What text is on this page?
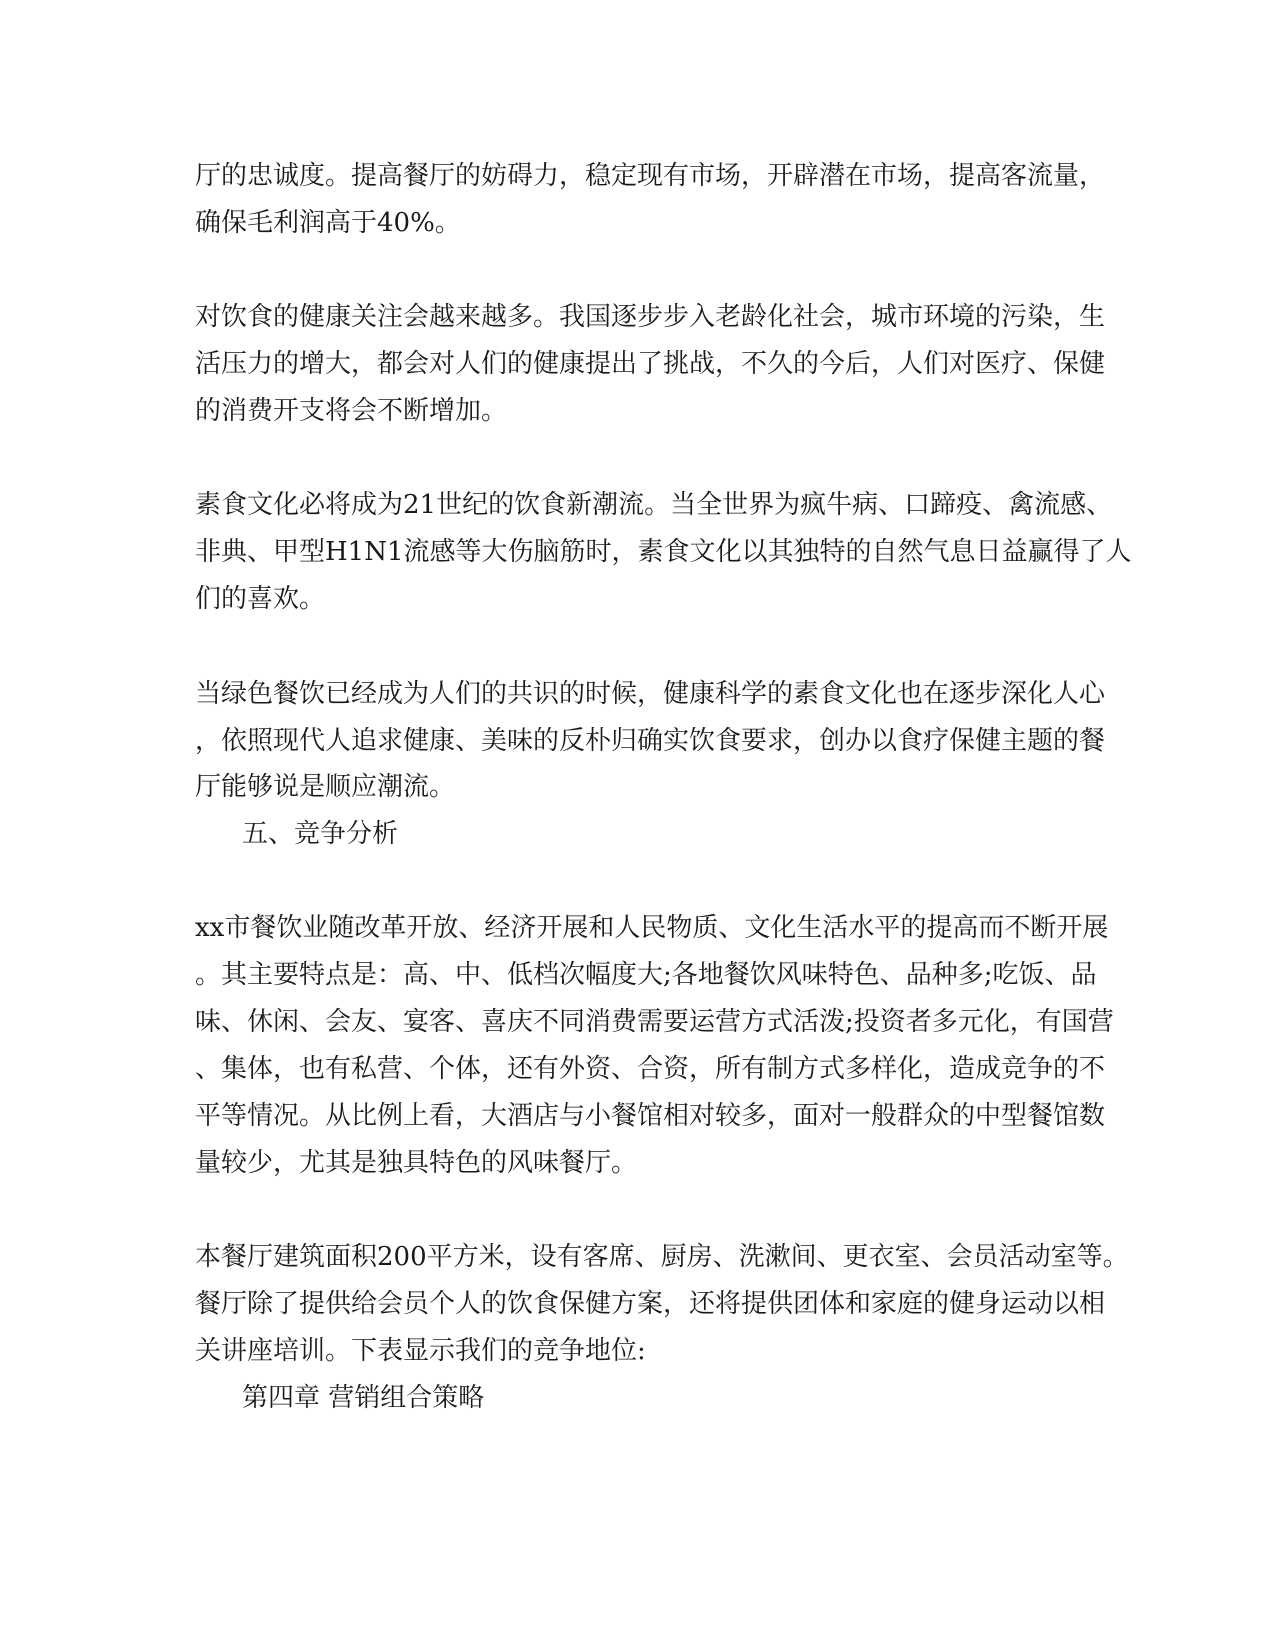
厅的忠诚度。提高餐厅的妨碍力，稳定现有市场，开辟潜在市场，提高客流量，
确保毛利润高于40%。
对饮食的健康关注会越来越多。我国逐步步入老龄化社会，城市环境的污染，生
活压力的增大，都会对人们的健康提出了挑战，不久的今后，人们对医疗、保健
的消费开支将会不断增加。
素食文化必将成为21世纪的饮食新潮流。当全世界为疯牛病、口蹄疫、禽流感、
非典、甲型H1N1流感等大伤脑筋时，素食文化以其独特的自然气息日益赢得了人
们的喜欢。
当绿色餐饮已经成为人们的共识的时候，健康科学的素食文化也在逐步深化人心
，依照现代人追求健康、美味的反朴归确实饮食要求，创办以食疗保健主题的餐
厅能够说是顺应潮流。
五、竞争分析
xx市餐饮业随改革开放、经济开展和人民物质、文化生活水平的提高而不断开展
。其主要特点是：高、中、低档次幅度大;各地餐饮风味特色、品种多;吃饭、品
味、休闲、会友、宴客、喜庆不同消费需要运营方式活泼;投资者多元化，有国营
、集体，也有私营、个体，还有外资、合资，所有制方式多样化，造成竞争的不
平等情况。从比例上看，大酒店与小餐馆相对较多，面对一般群众的中型餐馆数
量较少，尤其是独具特色的风味餐厅。
本餐厅建筑面积200平方米，设有客席、厨房、洗漱间、更衣室、会员活动室等。
餐厅除了提供给会员个人的饮食保健方案，还将提供团体和家庭的健身运动以相
关讲座培训。下表显示我们的竞争地位:
第四章 营销组合策略
